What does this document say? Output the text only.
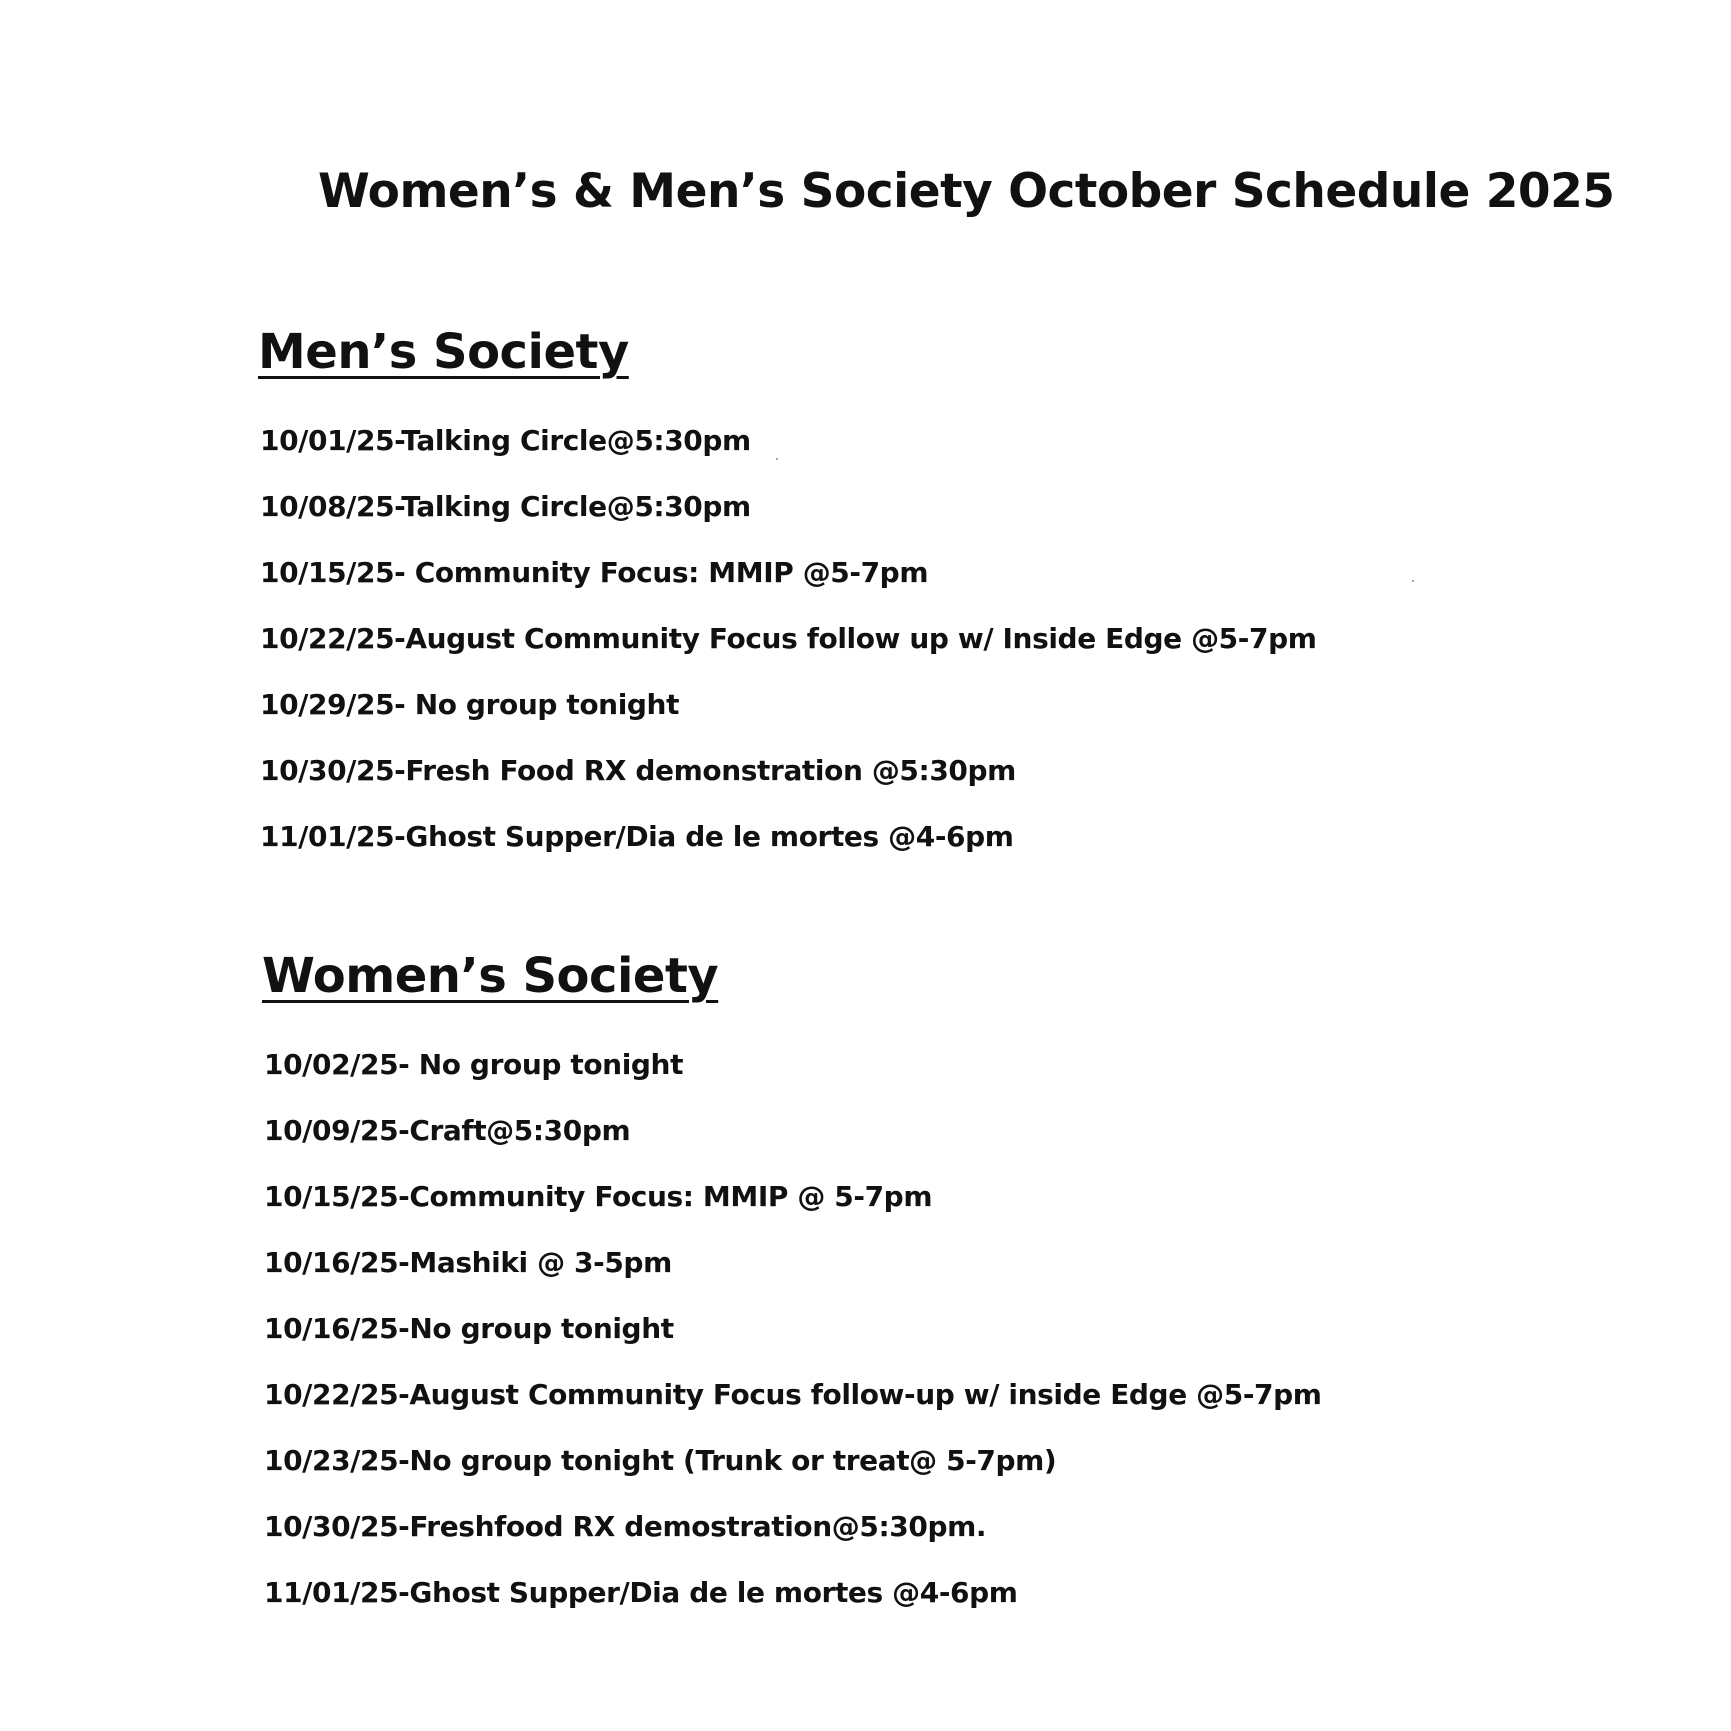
Women’s & Men’s Society October Schedule 2025
Men’s Society
10/01/25-Talking Circle@5:30pm
10/08/25-Talking Circle@5:30pm
10/15/25- Community Focus: MMIP @5-7pm
10/22/25-August Community Focus follow up w/ Inside Edge @5-7pm
10/29/25- No group tonight
10/30/25-Fresh Food RX demonstration @5:30pm
11/01/25-Ghost Supper/Dia de le mortes @4-6pm
Women’s Society
10/02/25- No group tonight
10/09/25-Craft@5:30pm
10/15/25-Community Focus: MMIP @ 5-7pm
10/16/25-Mashiki @ 3-5pm
10/16/25-No group tonight
10/22/25-August Community Focus follow-up w/ inside Edge @5-7pm
10/23/25-No group tonight (Trunk or treat@ 5-7pm)
10/30/25-Freshfood RX demostration@5:30pm.
11/01/25-Ghost Supper/Dia de le mortes @4-6pm
